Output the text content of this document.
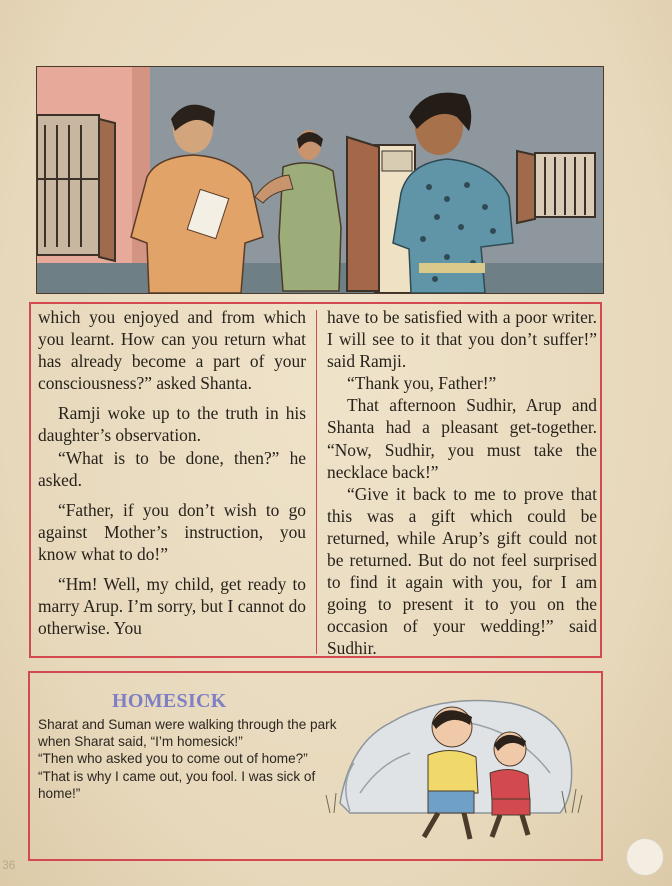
which you enjoyed and from which you learnt. How can you return what has already become a part of your consciousness?” asked Shanta.

Ramji woke up to the truth in his daughter’s observation.

“What is to be done, then?” he asked.

“Father, if you don’t wish to go against Mother’s instruction, you know what to do!”

“Hm! Well, my child, get ready to marry Arup. I’m sorry, but I cannot do otherwise. You

have to be satisfied with a poor writer. I will see to it that you don’t suffer!” said Ramji.

“Thank you, Father!”

That afternoon Sudhir, Arup and Shanta had a pleasant get-together. “Now, Sudhir, you must take the necklace back!”

“Give it back to me to prove that this was a gift which could be returned, while Arup’s gift could not be returned. But do not feel surprised to find it again with you, for I am going to present it to you on the occasion of your wedding!” said Sudhir.

HOMESICK

Sharat and Suman were walking through the park when Sharat said, “I’m homesick!”

“Then who asked you to come out of home?”

“That is why I came out, you fool. I was sick of home!”

36
